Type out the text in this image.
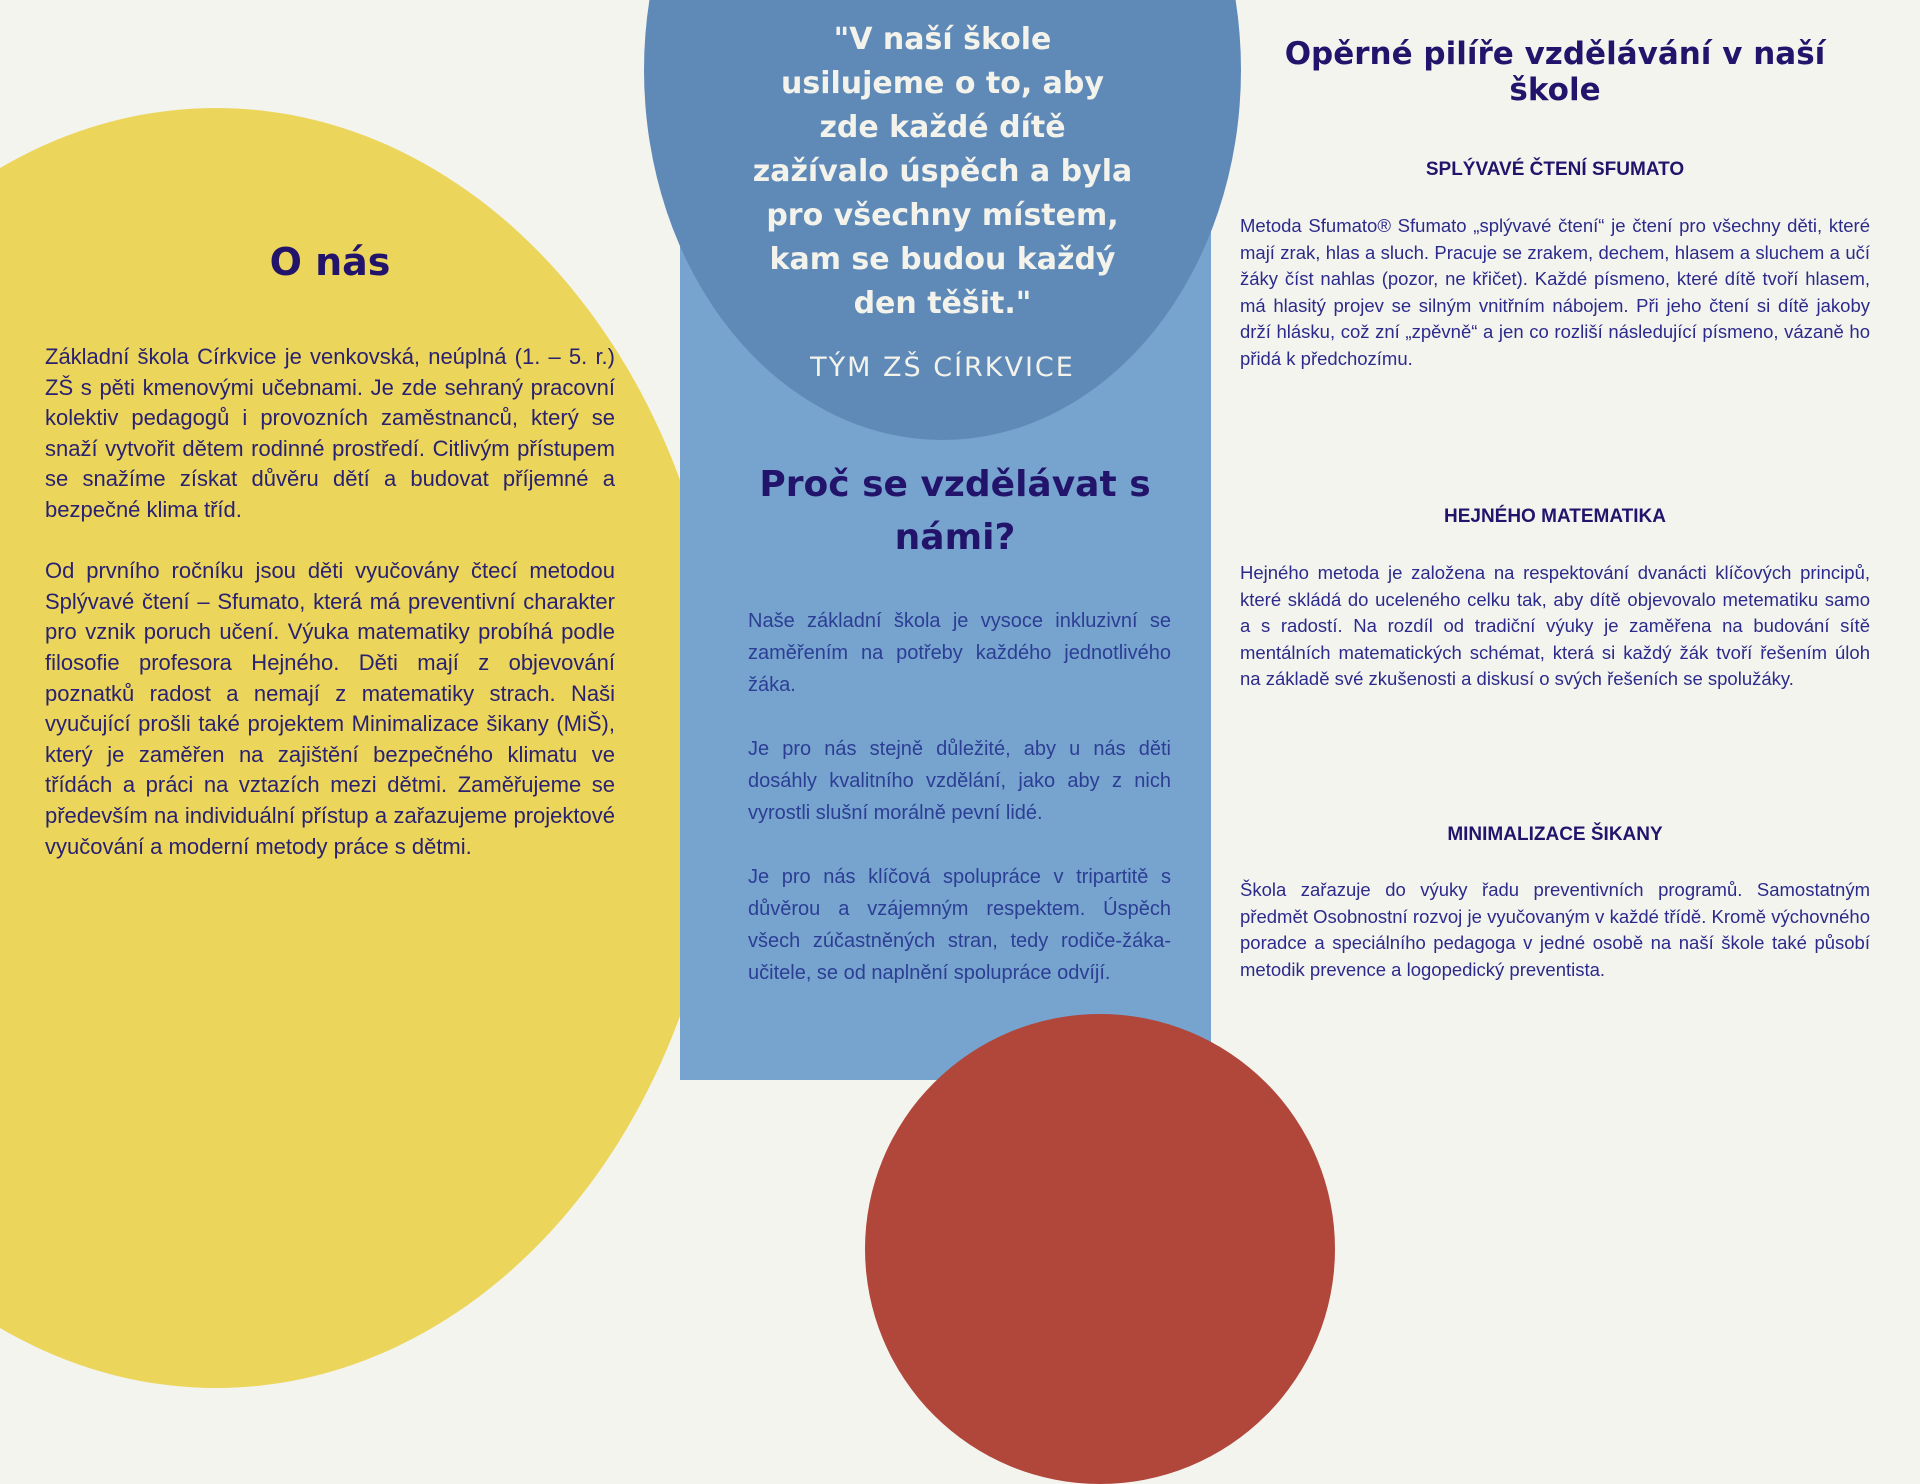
O nás
Základní škola Církvice je venkovská, neúplná (1. – 5. r.) ZŠ s pěti kmenovými učebnami. Je zde sehraný pracovní kolektiv pedagogů i provozních zaměstnanců, který se snaží vytvořit dětem rodinné prostředí. Citlivým přístupem se snažíme získat důvěru dětí a budovat příjemné a bezpečné klima tříd.

Od prvního ročníku jsou děti vyučovány čtecí metodou Splývavé čtení – Sfumato, která má preventivní charakter pro vznik poruch učení. Výuka matematiky probíhá podle filosofie profesora Hejného. Děti mají z objevování poznatků radost a nemají z matematiky strach. Naši vyučující prošli také projektem Minimalizace šikany (MiŠ), který je zaměřen na zajištění bezpečného klimatu ve třídách a práci na vztazích mezi dětmi. Zaměřujeme se především na individuální přístup a zařazujeme projektové vyučování a moderní metody práce s dětmi.
"V naší škole usilujeme o to, aby zde každé dítě zažívalo úspěch a byla pro všechny místem, kam se budou každý den těšit."
TÝM ZŠ CÍRKVICE
Proč se vzdělávat s námi?
Naše základní škola je vysoce inkluzivní se zaměřením na potřeby každého jednotlivého žáka.

Je pro nás stejně důležité, aby u nás děti dosáhly kvalitního vzdělání, jako aby z nich vyrostli slušní morálně pevní lidé.

Je pro nás klíčová spolupráce v tripartitě s důvěrou a vzájemným respektem. Úspěch všech zúčastněných stran, tedy rodiče-žáka-učitele, se od naplnění spolupráce odvíjí.
Opěrné pilíře vzdělávání v naší škole
SPLÝVAVÉ ČTENÍ SFUMATO
Metoda Sfumato® Sfumato „splývavé čtení“ je čtení pro všechny děti, které mají zrak, hlas a sluch. Pracuje se zrakem, dechem, hlasem a sluchem a učí žáky číst nahlas (pozor, ne křičet). Každé písmeno, které dítě tvoří hlasem, má hlasitý projev se silným vnitřním nábojem. Při jeho čtení si dítě jakoby drží hlásku, což zní „zpěvně“ a jen co rozliší následující písmeno, vázaně ho přidá k předchozímu.
HEJNÉHO MATEMATIKA
Hejného metoda je založena na respektování dvanácti klíčových principů, které skládá do uceleného celku tak, aby dítě objevovalo metematiku samo a s radostí. Na rozdíl od tradiční výuky je zaměřena na budování sítě mentálních matematických schémat, která si každý žák tvoří řešením úloh na základě své zkušenosti a diskusí o svých řešeních se spolužáky.
MINIMALIZACE ŠIKANY
Škola zařazuje do výuky řadu preventivních programů. Samostatným předmět Osobnostní rozvoj je vyučovaným v každé třídě. Kromě výchovného poradce a speciálního pedagoga v jedné osobě na naší škole také působí metodik prevence a logopedický preventista.
